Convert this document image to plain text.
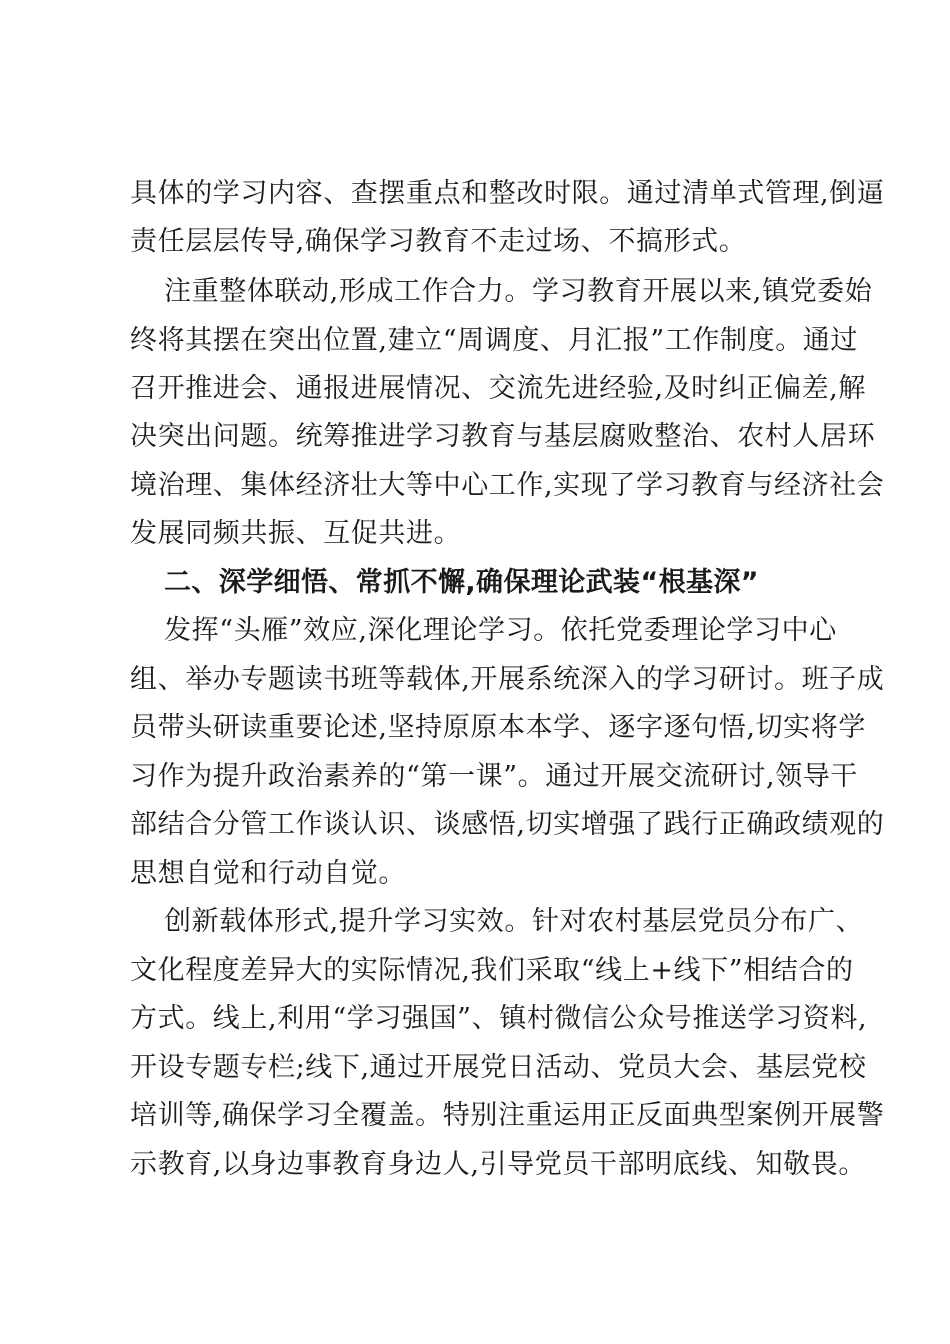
具体的学习内容、查摆重点和整改时限。通过清单式管理,倒逼
责任层层传导,确保学习教育不走过场、不搞形式。
注重整体联动,形成工作合力。学习教育开展以来,镇党委始
终将其摆在突出位置,建立“周调度、月汇报”工作制度。通过
召开推进会、通报进展情况、交流先进经验,及时纠正偏差,解
决突出问题。统筹推进学习教育与基层腐败整治、农村人居环
境治理、集体经济壮大等中心工作,实现了学习教育与经济社会
发展同频共振、互促共进。
二、深学细悟、常抓不懈,确保理论武装“根基深”
发挥“头雁”效应,深化理论学习。依托党委理论学习中心
组、举办专题读书班等载体,开展系统深入的学习研讨。班子成
员带头研读重要论述,坚持原原本本学、逐字逐句悟,切实将学
习作为提升政治素养的“第一课”。通过开展交流研讨,领导干
部结合分管工作谈认识、谈感悟,切实增强了践行正确政绩观的
思想自觉和行动自觉。
创新载体形式,提升学习实效。针对农村基层党员分布广、
文化程度差异大的实际情况,我们采取“线上+线下”相结合的
方式。线上,利用“学习强国”、镇村微信公众号推送学习资料,
开设专题专栏;线下,通过开展党日活动、党员大会、基层党校
培训等,确保学习全覆盖。特别注重运用正反面典型案例开展警
示教育,以身边事教育身边人,引导党员干部明底线、知敬畏。
